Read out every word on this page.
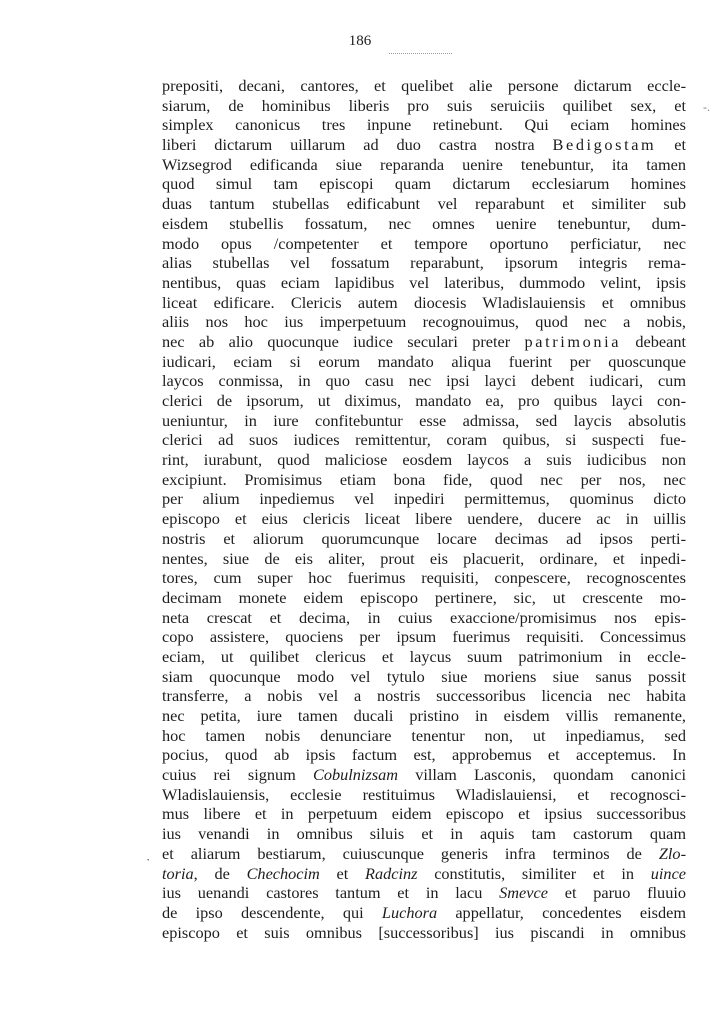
186
-.
·
prepositi, decani, cantores, et quelibet alie persone dictarum eccle-
siarum, de hominibus liberis pro suis seruiciis quilibet sex, et
simplex canonicus tres inpune retinebunt. Qui eciam homines
liberi dictarum uillarum ad duo castra nostra Bedigostam et
Wizsegrod edificanda siue reparanda uenire tenebuntur, ita tamen
quod simul tam episcopi quam dictarum ecclesiarum homines
duas tantum stubellas edificabunt vel reparabunt et similiter sub
eisdem stubellis fossatum, nec omnes uenire tenebuntur, dum-
modo opus /competenter et tempore oportuno perficiatur, nec
alias stubellas vel fossatum reparabunt, ipsorum integris rema-
nentibus, quas eciam lapidibus vel lateribus, dummodo velint, ipsis
liceat edificare. Clericis autem diocesis Wladislauiensis et omnibus
aliis nos hoc ius imperpetuum recognouimus, quod nec a nobis,
nec ab alio quocunque iudice seculari preter patrimonia debeant
iudicari, eciam si eorum mandato aliqua fuerint per quoscunque
laycos conmissa, in quo casu nec ipsi layci debent iudicari, cum
clerici de ipsorum, ut diximus, mandato ea, pro quibus layci con-
ueniuntur, in iure confitebuntur esse admissa, sed laycis absolutis
clerici ad suos iudices remittentur, coram quibus, si suspecti fue-
rint, iurabunt, quod maliciose eosdem laycos a suis iudicibus non
excipiunt. Promisimus etiam bona fide, quod nec per nos, nec
per alium inpediemus vel inpediri permittemus, quominus dicto
episcopo et eius clericis liceat libere uendere, ducere ac in uillis
nostris et aliorum quorumcunque locare decimas ad ipsos perti-
nentes, siue de eis aliter, prout eis placuerit, ordinare, et inpedi-
tores, cum super hoc fuerimus requisiti, conpescere, recognoscentes
decimam monete eidem episcopo pertinere, sic, ut crescente mo-
neta crescat et decima, in cuius exaccione/promisimus nos epis-
copo assistere, quociens per ipsum fuerimus requisiti. Concessimus
eciam, ut quilibet clericus et laycus suum patrimonium in eccle-
siam quocunque modo vel tytulo siue moriens siue sanus possit
transferre, a nobis vel a nostris successoribus licencia nec habita
nec petita, iure tamen ducali pristino in eisdem villis remanente,
hoc tamen nobis denunciare tenentur non, ut inpediamus, sed
pocius, quod ab ipsis factum est, approbemus et acceptemus. In
cuius rei signum Cobulnizsam villam Lasconis, quondam canonici
Wladislauiensis, ecclesie restituimus Wladislauiensi, et recognosci-
mus libere et in perpetuum eidem episcopo et ipsius successoribus
ius venandi in omnibus siluis et in aquis tam castorum quam
et aliarum bestiarum, cuiuscunque generis infra terminos de Zlo-
toria, de Chechocim et Radcinz constitutis, similiter et in uince
ius uenandi castores tantum et in lacu Smevce et paruo fluuio
de ipso descendente, qui Luchora appellatur, concedentes eisdem
episcopo et suis omnibus [successoribus] ius piscandi in omnibus
